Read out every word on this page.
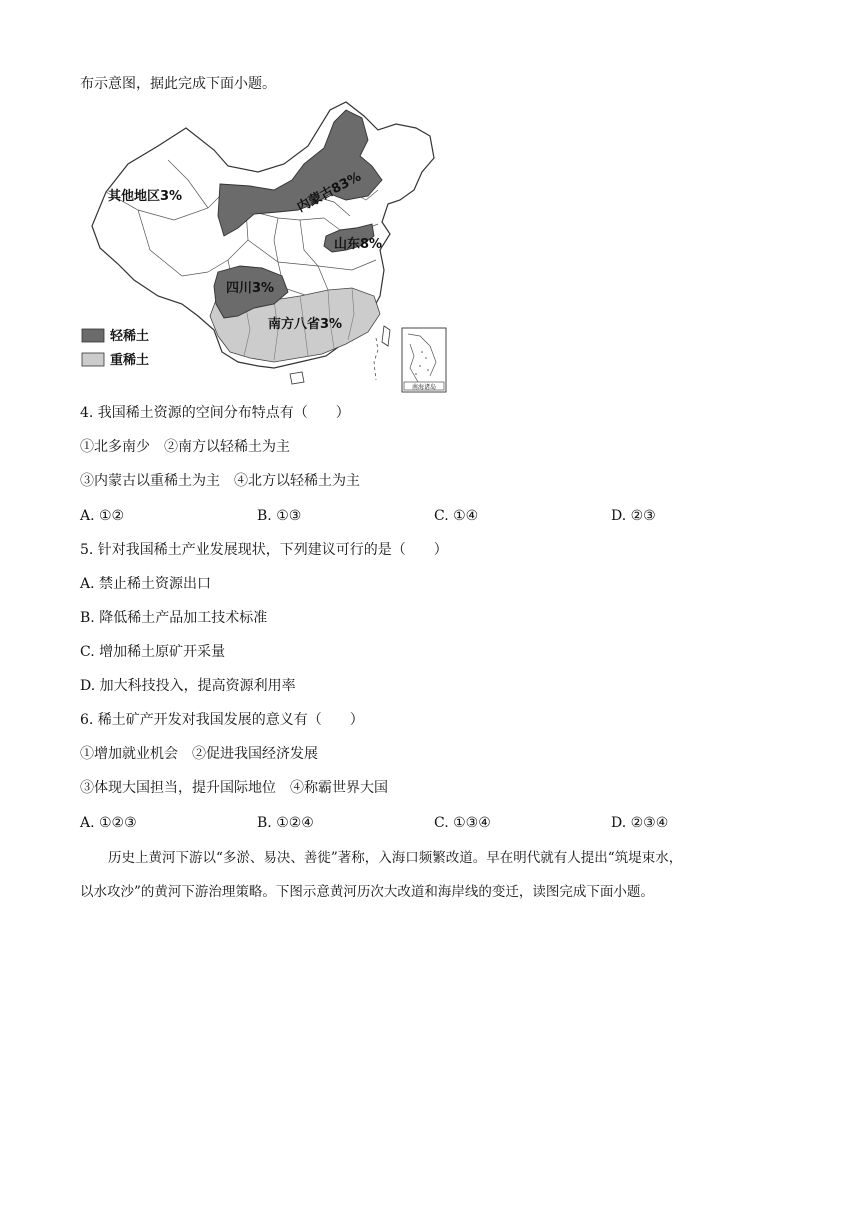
布示意图，据此完成下面小题。
南海诸岛
其他地区3%	内蒙古83%
山东8%
四川3%
南方八省3%
轻稀土
重稀土
4. 我国稀土资源的空间分布特点有（　　）
①北多南少　②南方以轻稀土为主
③内蒙古以重稀土为主　④北方以轻稀土为主
A. ①②	B. ①③	C. ①④	D. ②③
5. 针对我国稀土产业发展现状，下列建议可行的是（　　）
A. 禁止稀土资源出口
B. 降低稀土产品加工技术标准
C. 增加稀土原矿开采量
D. 加大科技投入，提高资源利用率
6. 稀土矿产开发对我国发展的意义有（　　）
①增加就业机会　②促进我国经济发展
③体现大国担当，提升国际地位　④称霸世界大国
A. ①②③	B. ①②④	C. ①③④	D. ②③④
历史上黄河下游以“多淤、易决、善徙”著称，入海口频繁改道。早在明代就有人提出“筑堤束水，
以水攻沙”的黄河下游治理策略。下图示意黄河历次大改道和海岸线的变迁，读图完成下面小题。
